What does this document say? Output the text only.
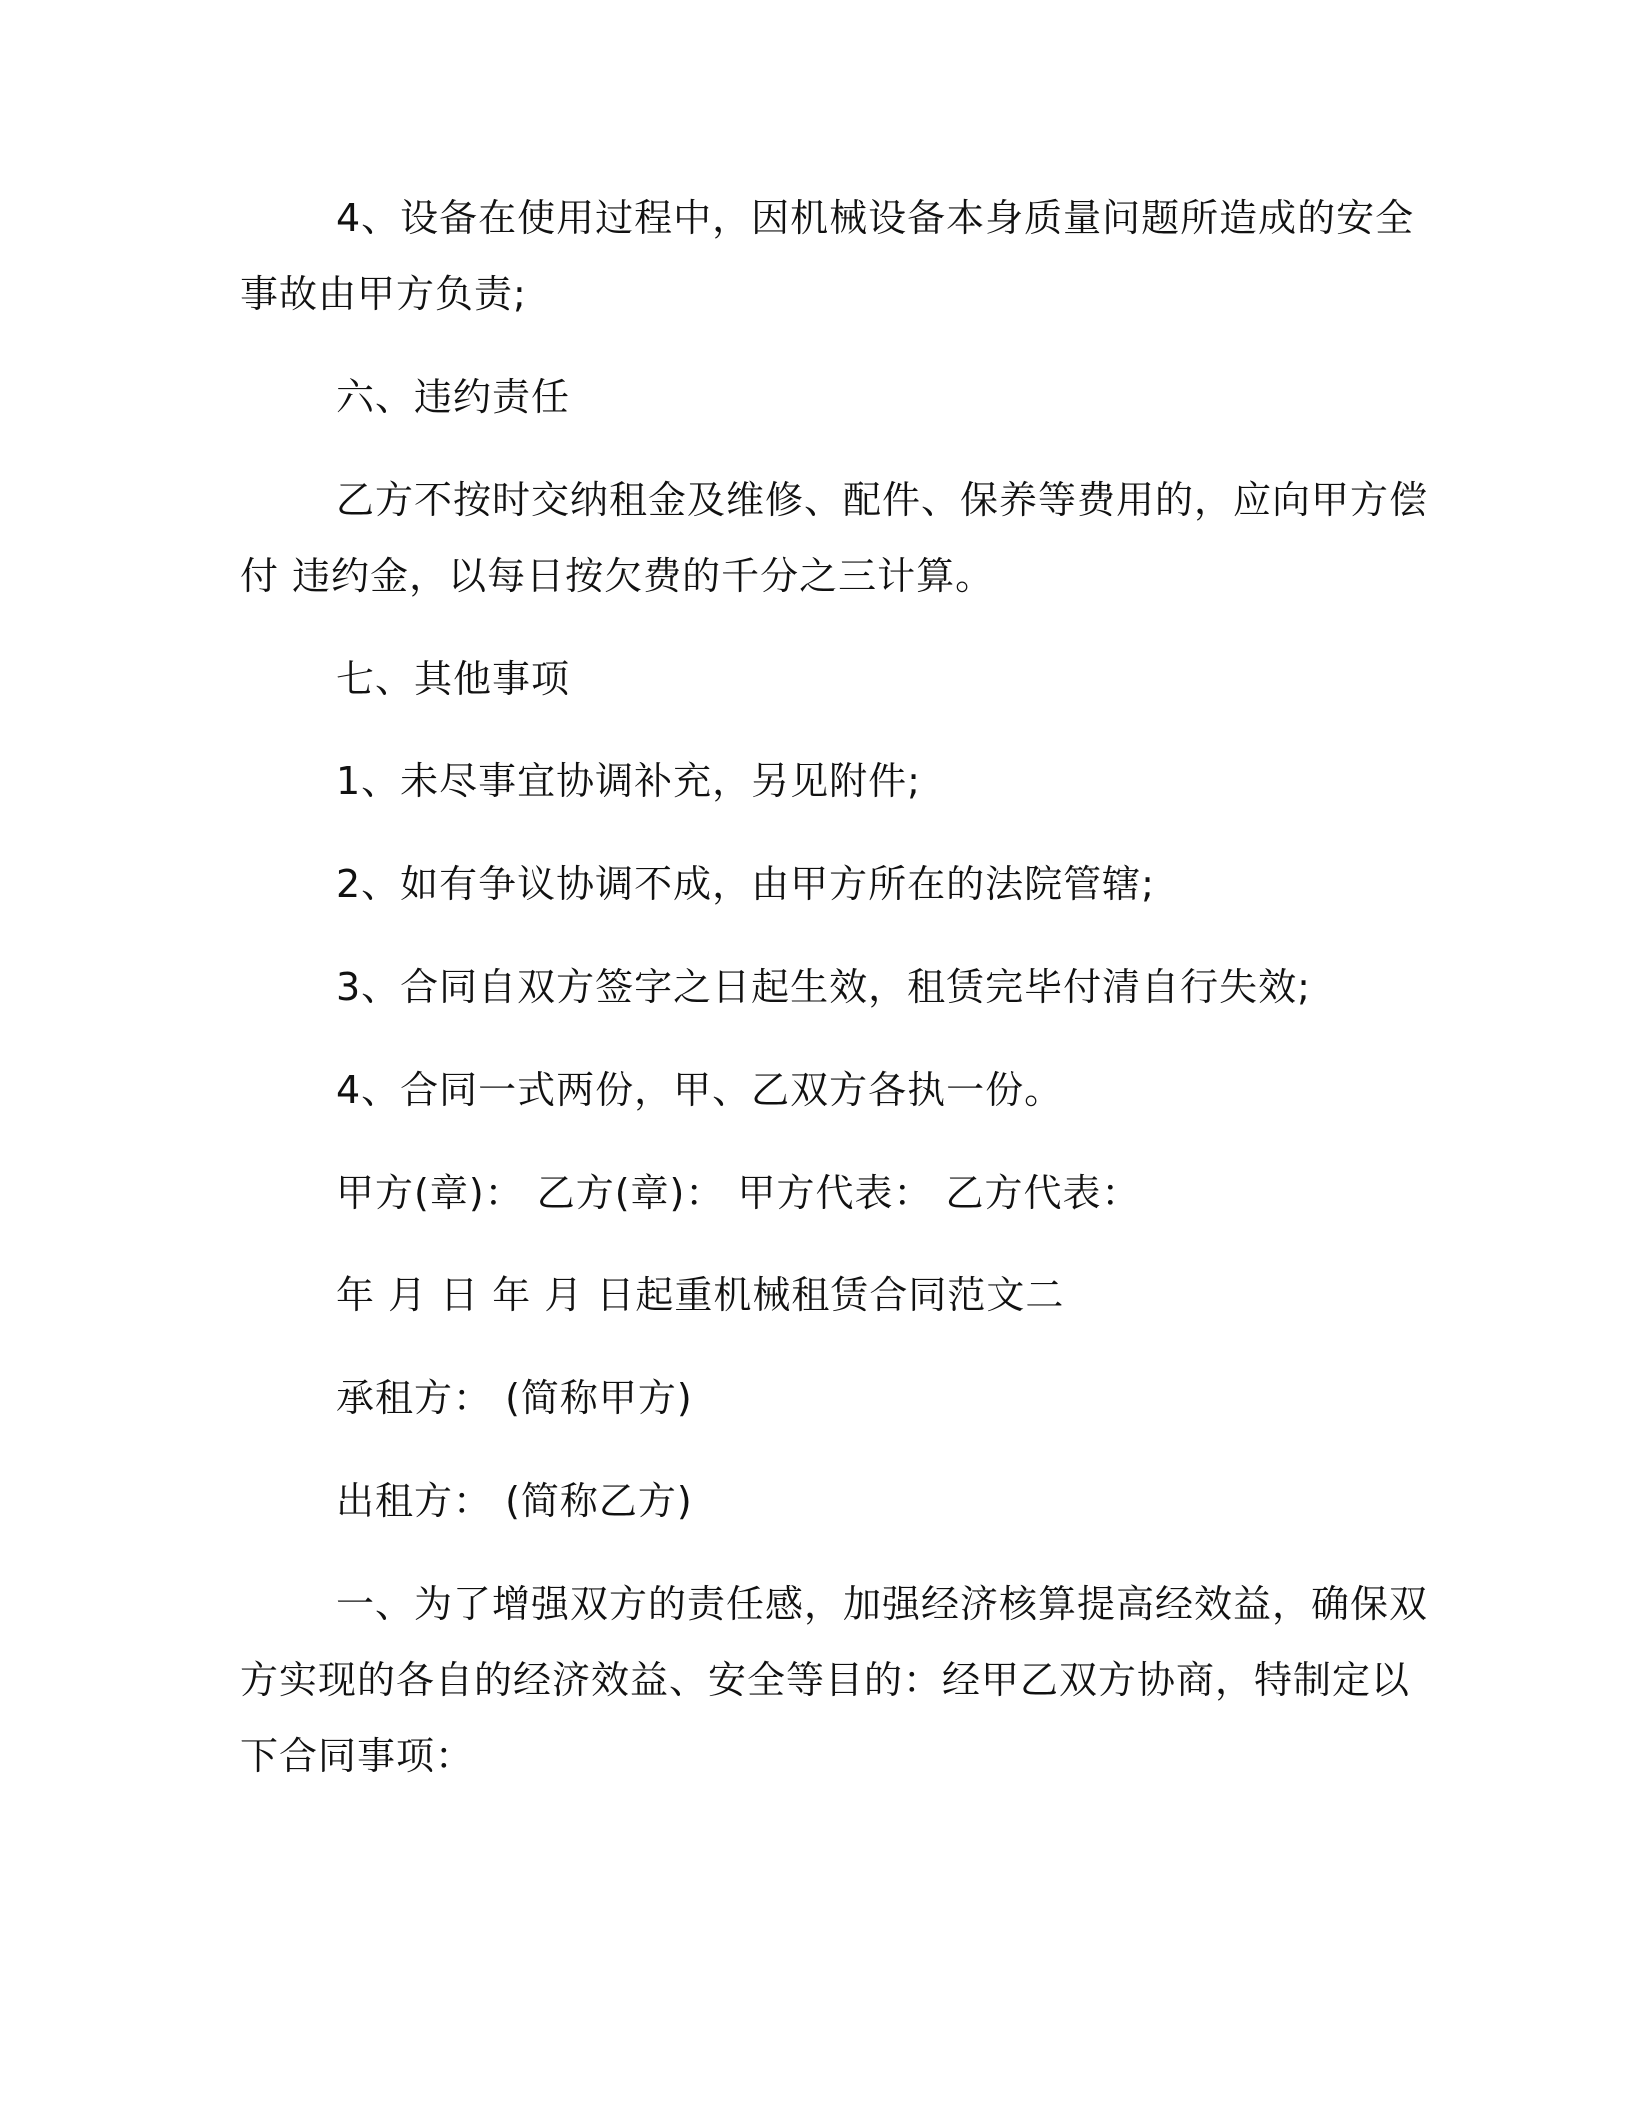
4、设备在使用过程中，因机械设备本身质量问题所造成的安全
事故由甲方负责;
六、违约责任
乙方不按时交纳租金及维修、配件、保养等费用的，应向甲方偿
付 违约金，以每日按欠费的千分之三计算。
七、其他事项
1、未尽事宜协调补充，另见附件;
2、如有争议协调不成，由甲方所在的法院管辖;
3、合同自双方签字之日起生效，租赁完毕付清自行失效;
4、合同一式两份，甲、乙双方各执一份。
甲方(章)： 乙方(章)： 甲方代表： 乙方代表：
年 月 日 年 月 日起重机械租赁合同范文二
承租方： (简称甲方)
出租方： (简称乙方)
一、为了增强双方的责任感，加强经济核算提高经效益，确保双
方实现的各自的经济效益、安全等目的：经甲乙双方协商，特制定以
下合同事项：
